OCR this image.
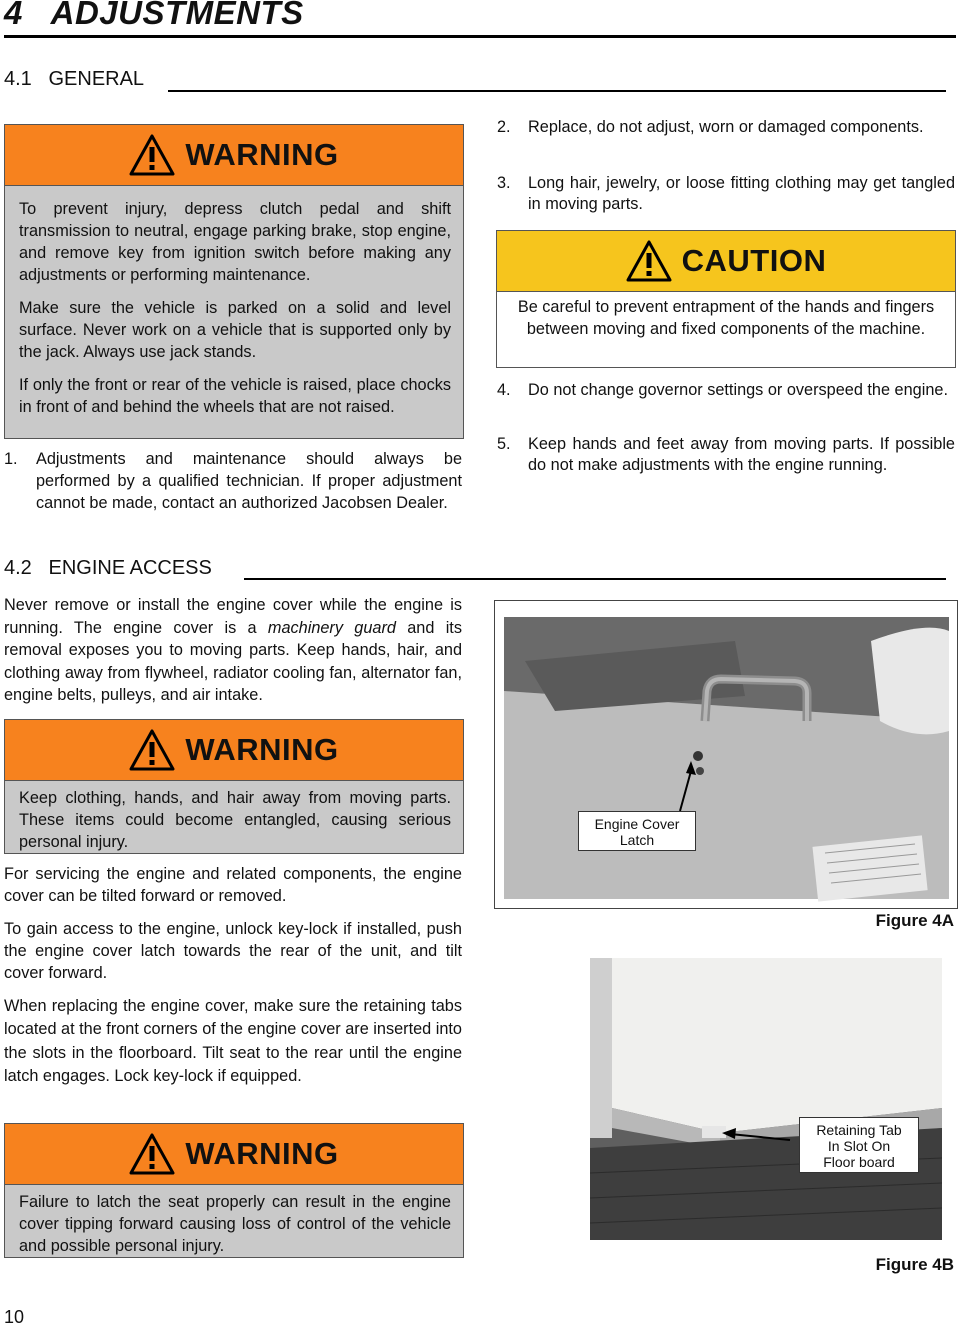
4   ADJUSTMENTS
4.1   GENERAL
WARNING

To prevent injury, depress clutch pedal and shift transmission to neutral, engage parking brake, stop engine, and remove key from ignition switch before making any adjustments or performing maintenance.

Make sure the vehicle is parked on a solid and level surface. Never work on a vehicle that is supported only by the jack. Always use jack stands.

If only the front or rear of the vehicle is raised, place chocks in front of and behind the wheels that are not raised.

1.	Adjustments and maintenance should always be performed by a qualified technician. If proper adjustment cannot be made, contact an authorized Jacobsen Dealer.
2.	Replace, do not adjust, worn or damaged components.
3.	Long hair, jewelry, or loose fitting clothing may get tangled in moving parts.
CAUTION

Be careful to prevent entrapment of the hands and fingers between moving and fixed components of the machine.

4.	Do not change governor settings or overspeed the engine.
5.	Keep hands and feet away from moving parts. If possible do not make adjustments with the engine running.
4.2   ENGINE ACCESS

Never remove or install the engine cover while the engine is running. The engine cover is a machinery guard and its removal exposes you to moving parts. Keep hands, hair, and clothing away from flywheel, radiator cooling fan, alternator fan, engine belts, pulleys, and air intake.

WARNING

Keep clothing, hands, and hair away from moving parts. These items could become entangled, causing serious personal injury.

For servicing the engine and related components, the engine cover can be tilted forward or removed.

To gain access to the engine, unlock key-lock if installed, push the engine cover latch towards the rear of the unit, and tilt cover forward.

When replacing the engine cover, make sure the retaining tabs located at the front corners of the engine cover are inserted into the slots in the floorboard. Tilt seat to the rear until the engine latch engages. Lock key-lock if equipped.

WARNING

Failure to latch the seat properly can result in the engine cover tipping forward causing loss of control of the vehicle and possible personal injury.

Engine Cover
Latch
Figure 4A
Retaining Tab
In Slot On
Floor board
Figure 4B
10
